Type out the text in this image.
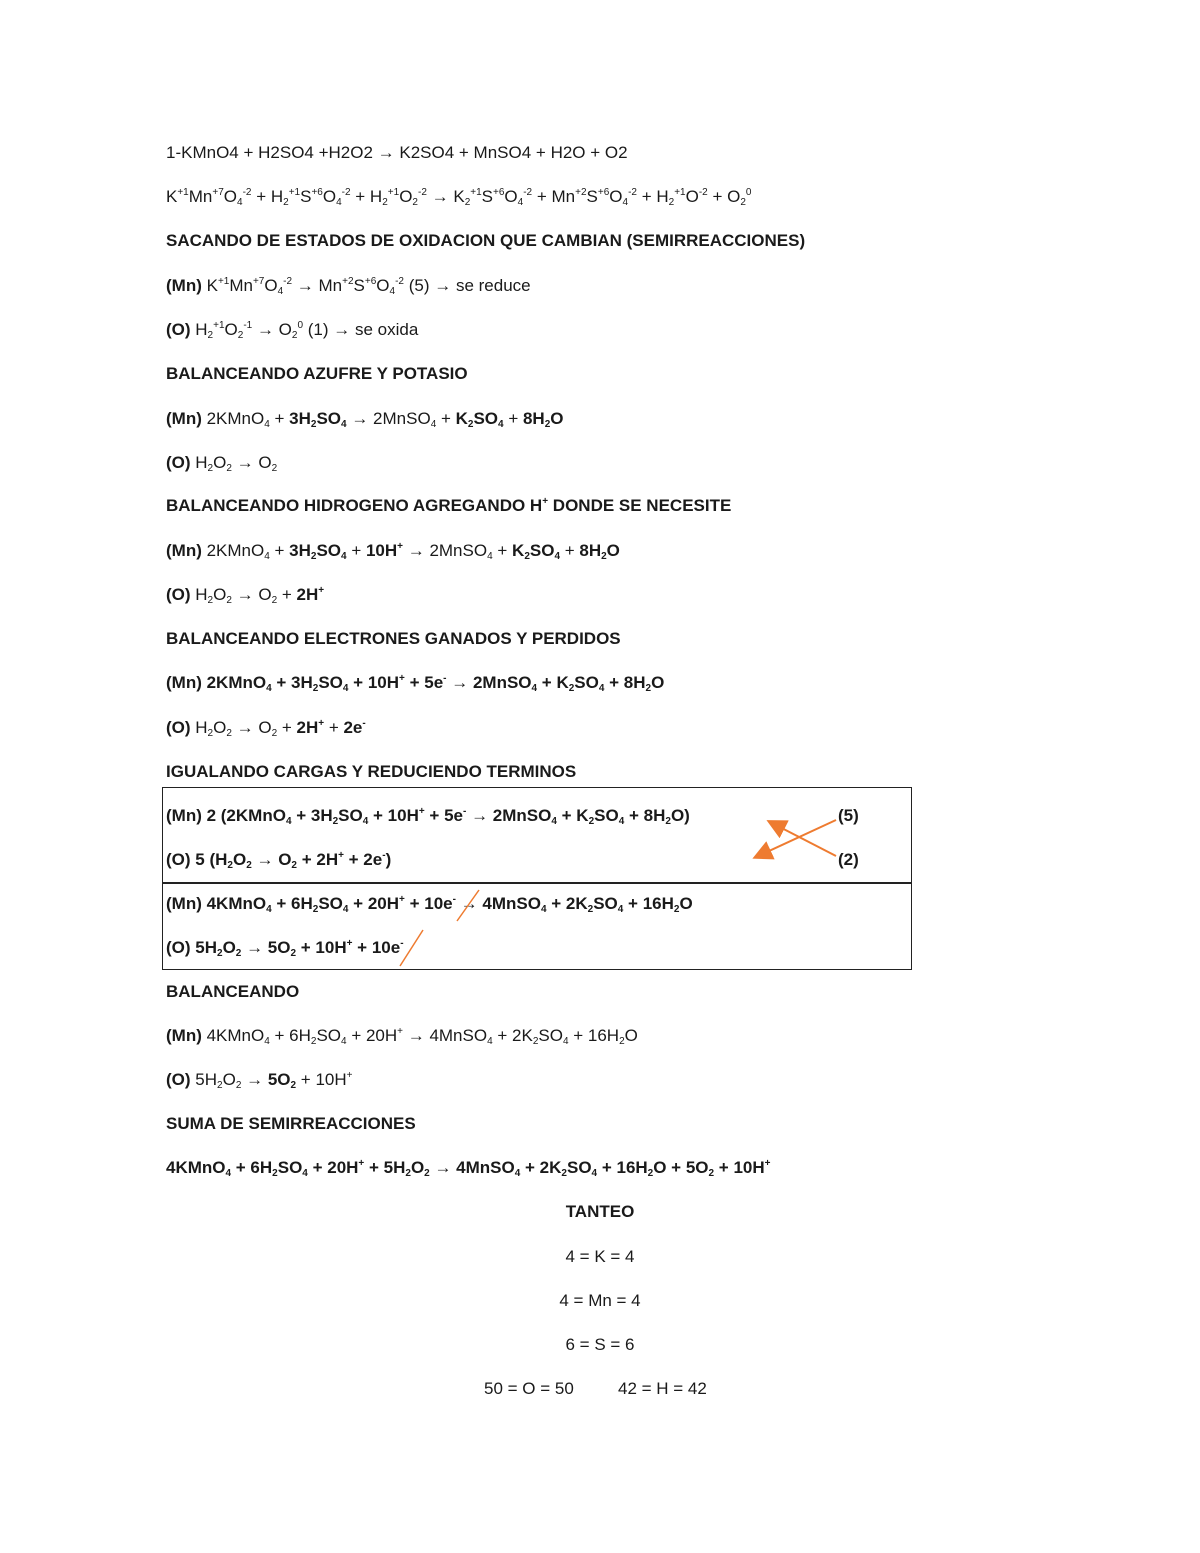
1-KMnO4 + H2SO4 +H2O2 → K2SO4 + MnSO4 + H2O + O2
$K^{+1}Mn^{+7}O_4^{-2} + H_2^{+1}S^{+6}O_4^{-2} + H_2^{+1}O_2^{-2} \to K_2^{+1}S^{+6}O_4^{-2} + Mn^{+2}S^{+6}O_4^{-2} + H_2^{+1}O^{-2} + O_2^0$
SACANDO DE ESTADOS DE OXIDACION QUE CAMBIAN (SEMIRREACCIONES)
(Mn) $K^{+1}Mn^{+7}O_4^{-2} \to Mn^{+2}S^{+6}O_4^{-2}$ (5) → se reduce
(O) $H_2^{+1}O_2^{-1} \to O_2^0$ (1) → se oxida
BALANCEANDO AZUFRE Y POTASIO
(Mn) 2KMnO$_4$ + $3H_2SO_4$ → 2MnSO$_4$ + $K_2SO_4 + 8H_2O$
(O) $H_2O_2 \to O_2$
BALANCEANDO HIDROGENO AGREGANDO H+ DONDE SE NECESITE
(Mn) 2KMnO$_4$ + $3H_2SO_4 + 10H^+$ → 2MnSO$_4$ + $K_2SO_4 + 8H_2O$
(O) $H_2O_2 \to O_2 + 2H^+$
BALANCEANDO ELECTRONES GANADOS Y PERDIDOS
(Mn) 2KMnO$_4$ + $3H_2SO_4 + 10H^+ + 5e^-$ → 2MnSO$_4$ + $K_2SO_4 + 8H_2O$
(O) $H_2O_2 \to O_2 + 2H^+ + 2e^-$
IGUALANDO CARGAS Y REDUCIENDO TERMINOS
(Mn) 2 (2KMnO$_4$ + $3H_2SO_4 + 10H^+ + 5e^-$ → 2MnSO$_4$ + $K_2SO_4 + 8H_2O$)	(5)
(O) 5 $(H_2O_2 \to O_2 + 2H^+ + 2e^-)$	(2)
(Mn) 4KMnO$_4$ + $6H_2SO_4 + 20H^+ + 10e^-$ → 4MnSO$_4$ + $2K_2SO_4 + 16H_2O$
(O) $5H_2O_2 \to 5O_2 + 10H^+ + 10e^-$
BALANCEANDO
(Mn) 4KMnO$_4$ + $6H_2SO_4 + 20H^+$ → 4MnSO$_4$ + $2K_2SO_4 + 16H_2O$
(O) $5H_2O_2 \to 5O_2 + 10H^+$
SUMA DE SEMIRREACCIONES
4KMnO$_4$ + $6H_2SO_4 + 20H^+ + 5H_2O_2$ → 4MnSO$_4$ + $2K_2SO_4 + 16H_2O + 5O_2 + 10H^+$
TANTEO
4 = K = 4
4 = Mn = 4
6 = S = 6
50 = O = 50	42 = H = 42
